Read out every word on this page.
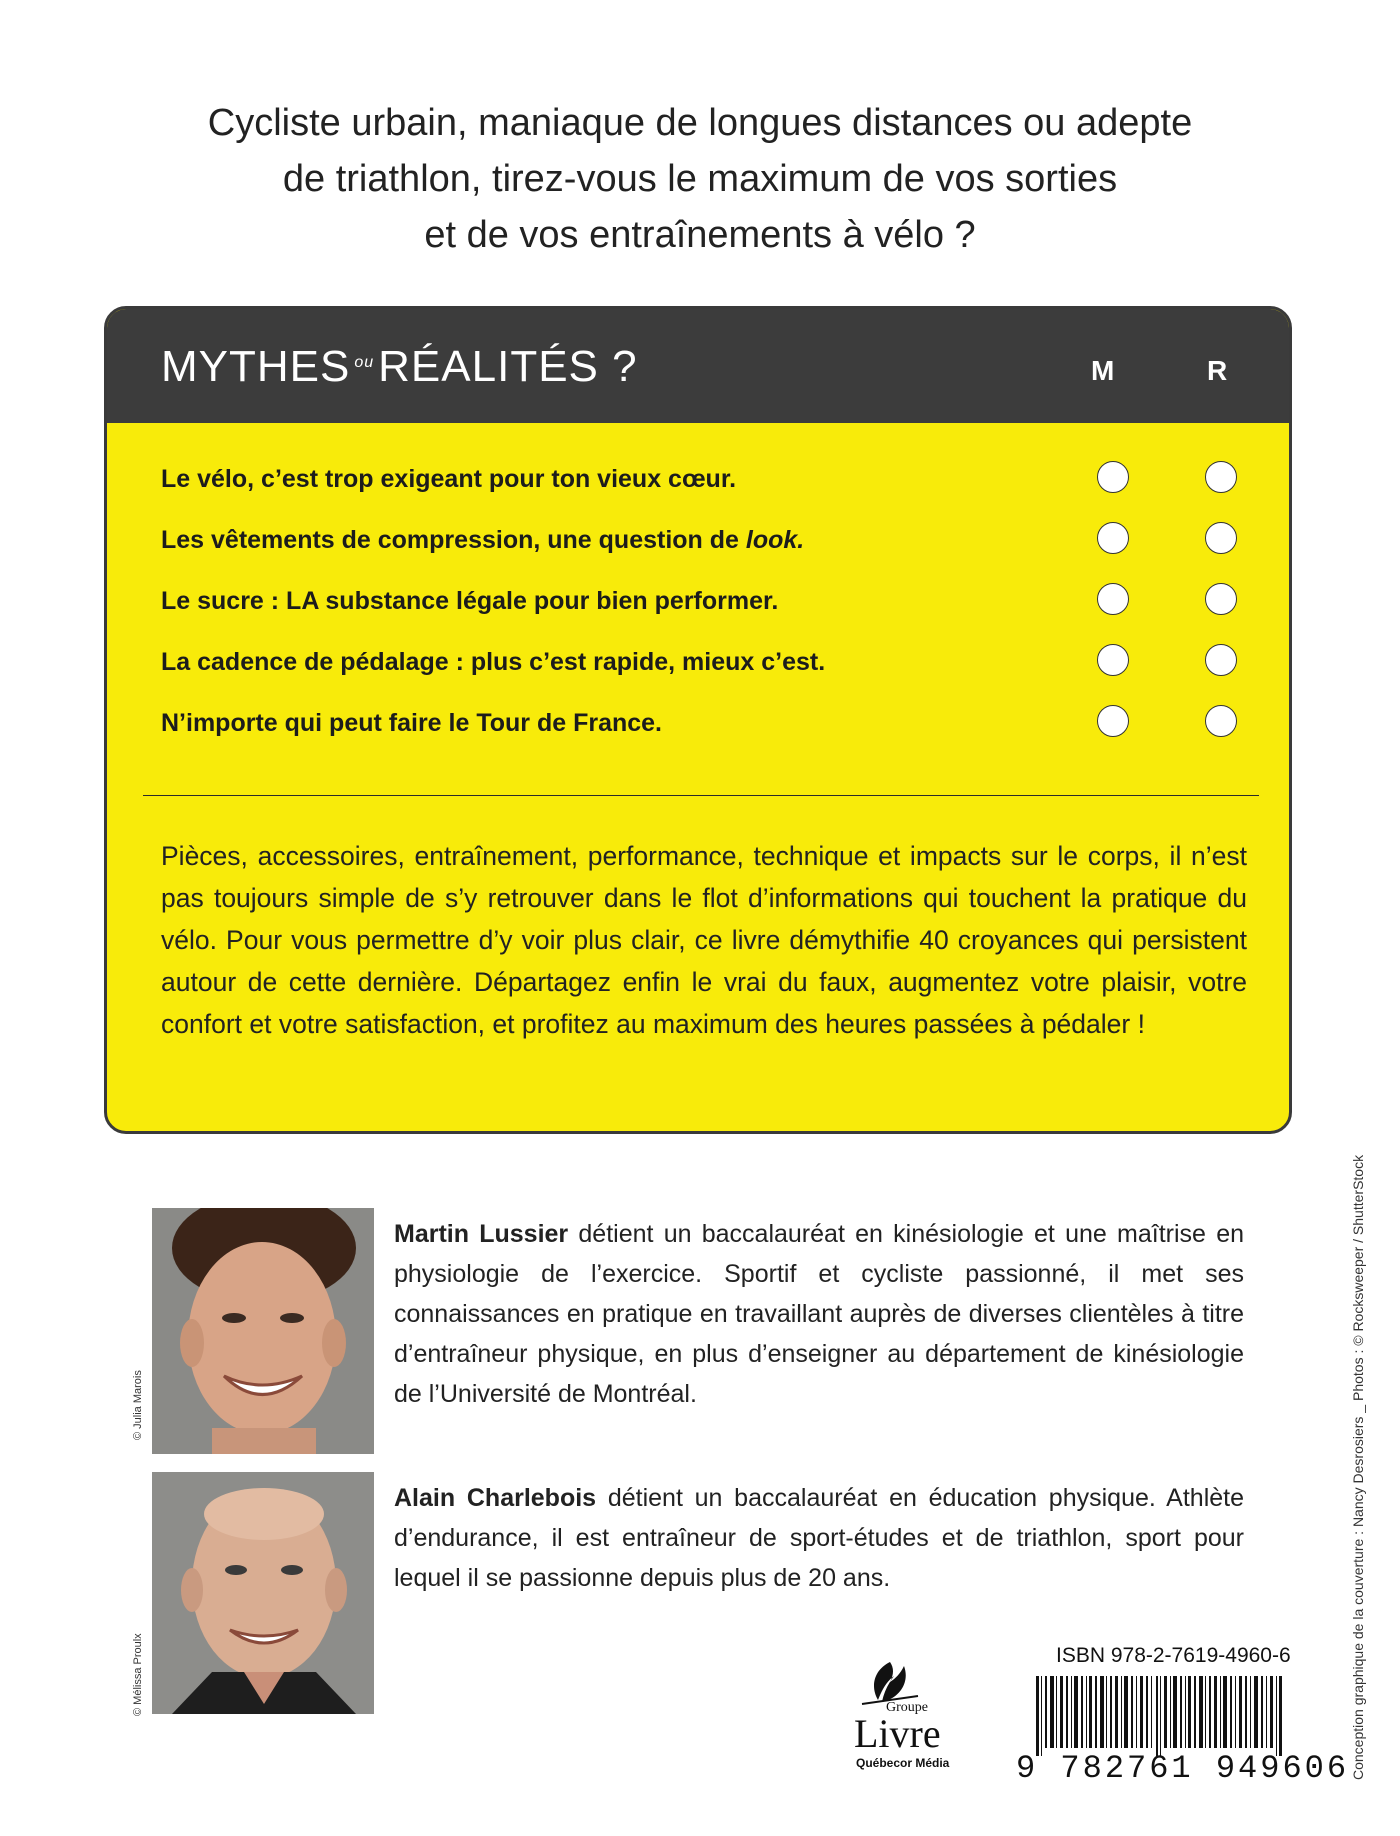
Cycliste urbain, maniaque de longues distances ou adepte
de triathlon, tirez-vous le maximum de vos sorties
et de vos entraînements à vélo ?
MYTHES $^{ou}$RÉALITÉS ?	M	R
Le vélo, c’est trop exigeant pour ton vieux cœur.
Les vêtements de compression, une question de look.
Le sucre : LA substance légale pour bien performer.
La cadence de pédalage : plus c’est rapide, mieux c’est.
N’importe qui peut faire le Tour de France.
Pièces, accessoires, entraînement, performance, technique et impacts sur le corps, il n’est pas toujours simple de s’y retrouver dans le flot d’informations qui touchent la pratique du vélo. Pour vous permettre d’y voir plus clair, ce livre démythifie 40 croyances qui persistent autour de cette dernière. Départagez enfin le vrai du faux, augmentez votre plaisir, votre confort et votre satisfaction, et profitez au maximum des heures passées à pédaler !
Martin Lussier détient un baccalauréat en kinésiologie et une maîtrise en physiologie de l’exercice. Sportif et cycliste passionné, il met ses connaissances en pratique en travaillant auprès de diverses clientèles à titre d’entraîneur physique, en plus d’enseigner au département de kinésiologie de l’Université de Montréal.
© Julia Marois
Alain Charlebois détient un baccalauréat en éducation physique. Athlète d’endurance, il est entraîneur de sport-études et de triathlon, sport pour lequel il se passionne depuis plus de 20 ans.
© Mélissa Proulx	Conception graphique de la couverture : Nancy Desrosiers _ Photos : © Rocksweeper / ShutterStock
Groupe
Livre
Québecor Média
ISBN 978-2-7619-4960-6
9 782761 949606
